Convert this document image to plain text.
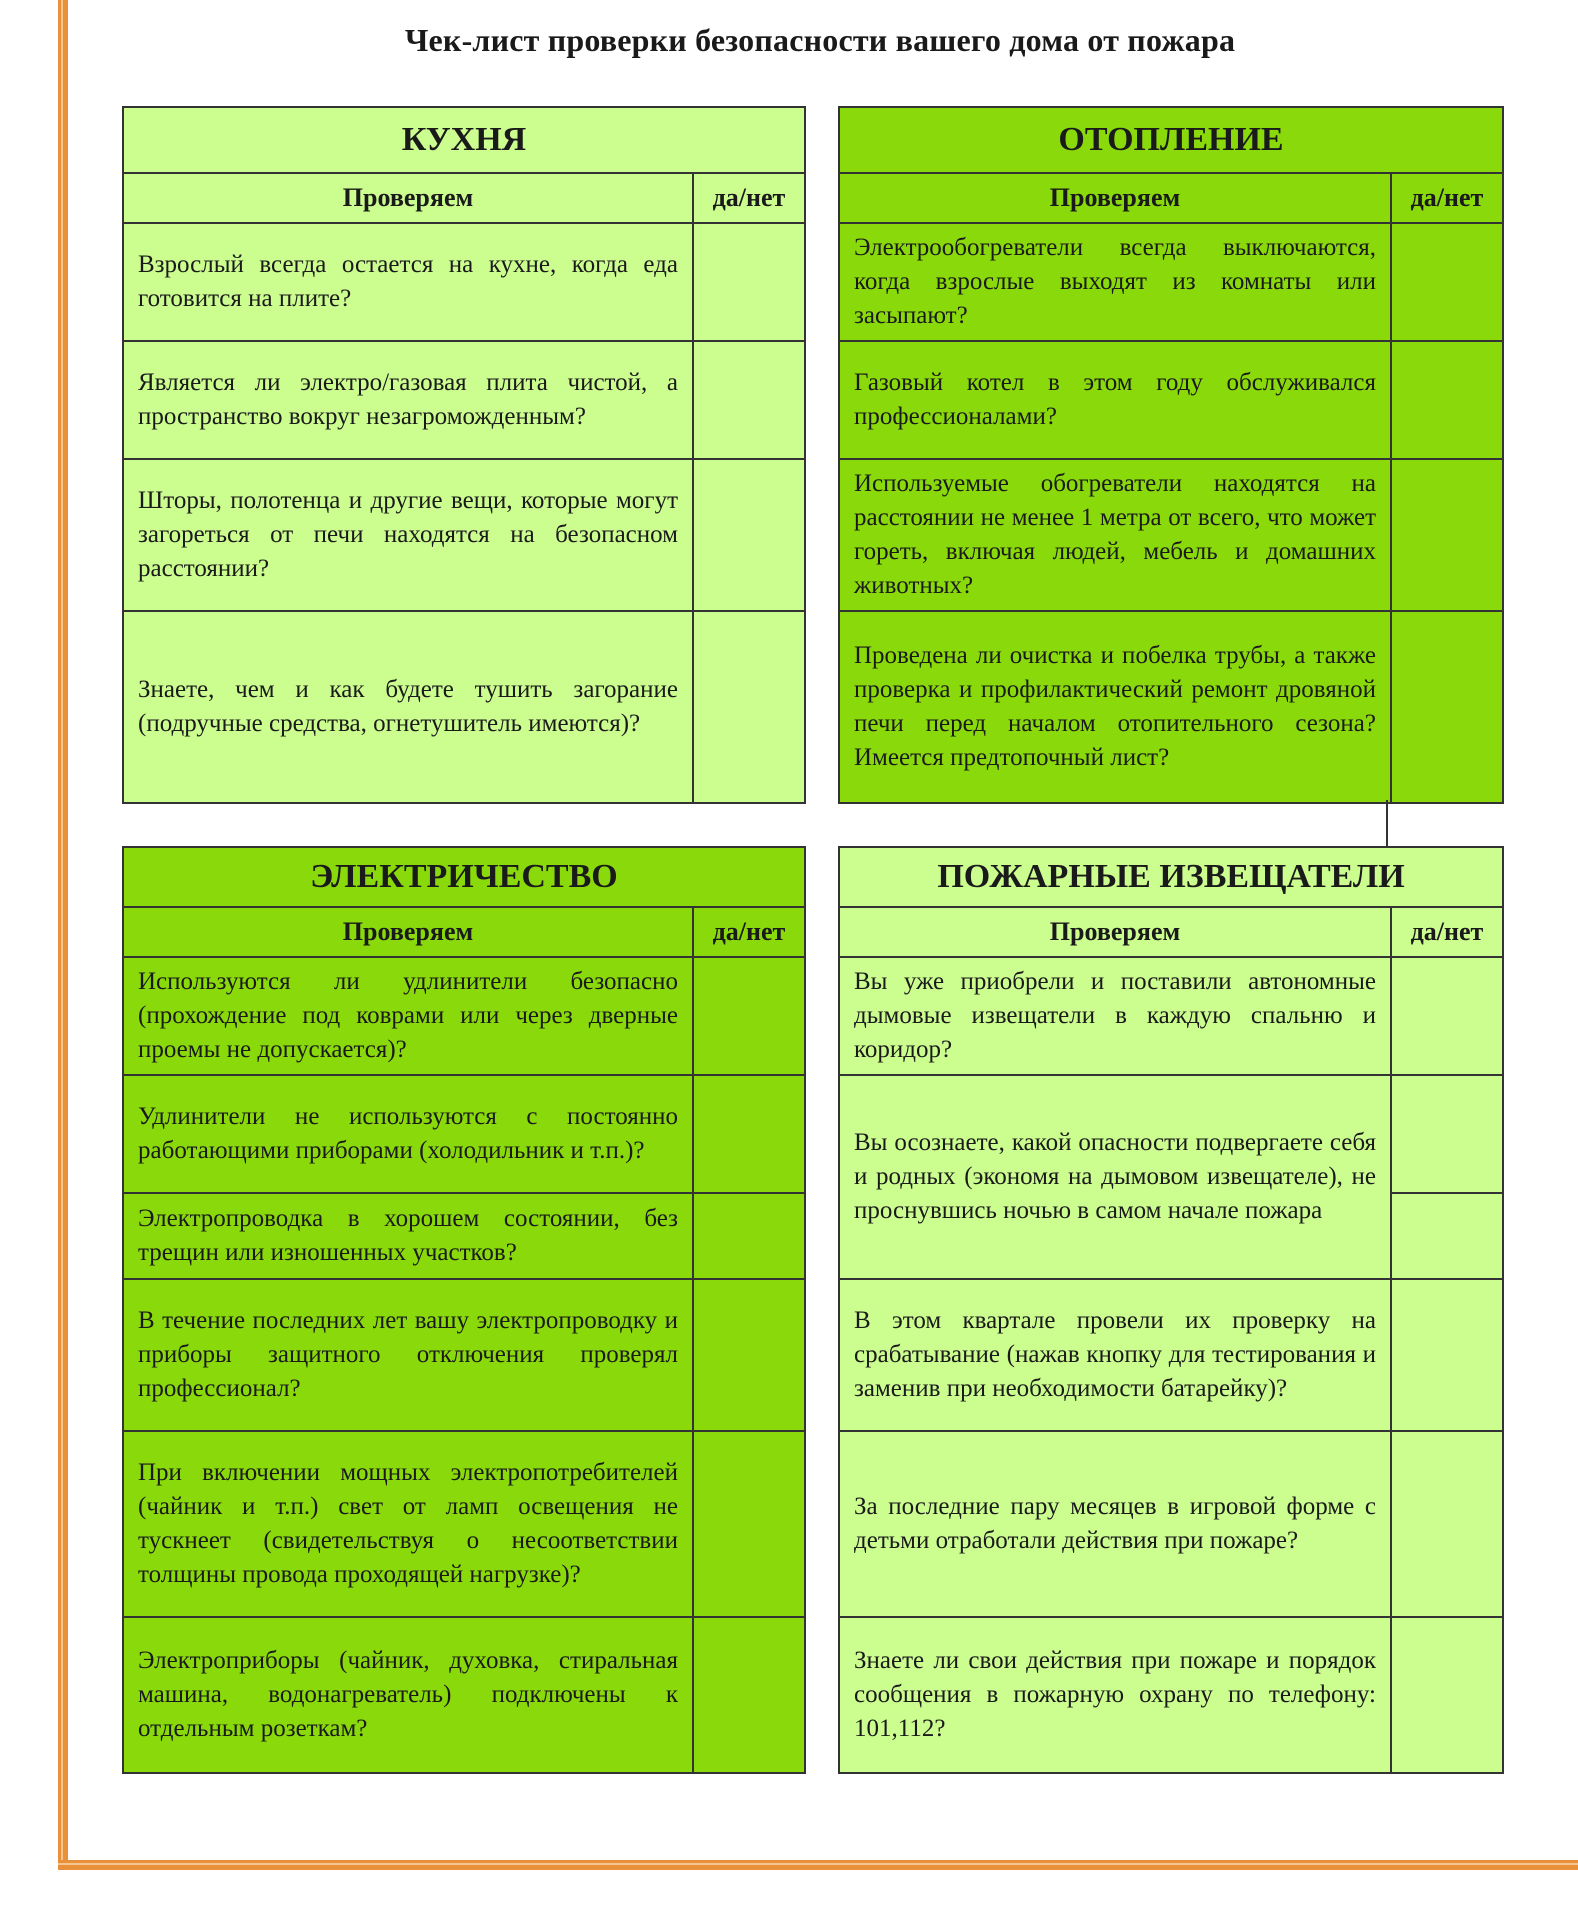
Чек-лист проверки безопасности вашего дома от пожара
КУХНЯ
Проверяем	да/нет
Взрослый всегда остается на кухне, когда еда готовится на плите?
Является ли электро/газовая плита чистой, а пространство вокруг незагроможденным?
Шторы, полотенца и другие вещи, которые могут загореться от печи находятся на безопасном расстоянии?
Знаете, чем и как будете тушить загорание (подручные средства, огнетушитель имеются)?
ОТОПЛЕНИЕ
Проверяем	да/нет
Электрообогреватели всегда выключаются, когда взрослые выходят из комнаты или засыпают?
Газовый котел в этом году обслуживался профессионалами?
Используемые обогреватели находятся на расстоянии не менее 1 метра от всего, что может гореть, включая людей, мебель и домашних животных?
Проведена ли очистка и побелка трубы, а также проверка и профилактический ремонт дровяной печи перед началом отопительного сезона? Имеется предтопочный лист?
ЭЛЕКТРИЧЕСТВО
Проверяем	да/нет
Используются ли удлинители безопасно (прохождение под коврами или через дверные проемы не допускается)?
Удлинители не используются с постоянно работающими приборами (холодильник и т.п.)?
Электропроводка в хорошем состоянии, без трещин или изношенных участков?
В течение последних лет вашу электропроводку и приборы защитного отключения проверял профессионал?
При включении мощных электропотребителей (чайник и т.п.) свет от ламп освещения не тускнеет (свидетельствуя о несоответствии толщины провода проходящей нагрузке)?
Электроприборы (чайник, духовка, стиральная машина, водонагреватель) подключены к отдельным розеткам?
ПОЖАРНЫЕ ИЗВЕЩАТЕЛИ
Проверяем	да/нет
Вы уже приобрели и поставили автономные дымовые извещатели в каждую спальню и коридор?
Вы осознаете, какой опасности подвергаете себя и родных (экономя на дымовом извещателе), не проснувшись ночью в самом начале пожара
В этом квартале провели их проверку на срабатывание (нажав кнопку для тестирования и заменив при необходимости батарейку)?
За последние пару месяцев в игровой форме с детьми отработали действия при пожаре?
Знаете ли свои действия при пожаре и порядок сообщения в пожарную охрану по телефону: 101,112?
